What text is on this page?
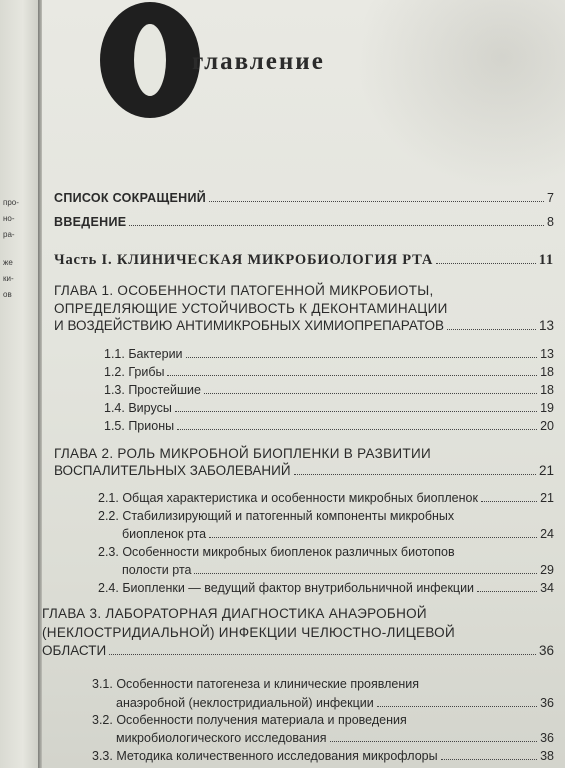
про-
но-
ра-
же
ки-
ов
главление
СПИСОК СОКРАЩЕНИЙ	7
ВВЕДЕНИЕ	8
Часть I. КЛИНИЧЕСКАЯ МИКРОБИОЛОГИЯ РТА	11
ГЛАВА 1. ОСОБЕННОСТИ ПАТОГЕННОЙ МИКРОБИОТЫ,
ОПРЕДЕЛЯЮЩИЕ УСТОЙЧИВОСТЬ К ДЕКОНТАМИНАЦИИ
И ВОЗДЕЙСТВИЮ АНТИМИКРОБНЫХ ХИМИОПРЕПАРАТОВ	13
1.1. Бактерии	13
1.2. Грибы	18
1.3. Простейшие	18
1.4. Вирусы	19
1.5. Прионы	20
ГЛАВА 2. РОЛЬ МИКРОБНОЙ БИОПЛЕНКИ В РАЗВИТИИ
ВОСПАЛИТЕЛЬНЫХ ЗАБОЛЕВАНИЙ	21
2.1. Общая характеристика и особенности микробных биопленок	21
2.2. Стабилизирующий и патогенный компоненты микробных
биопленок рта	24
2.3. Особенности микробных биопленок различных биотопов
полости рта	29
2.4. Биопленки — ведущий фактор внутрибольничной инфекции	34
ГЛАВА 3. ЛАБОРАТОРНАЯ ДИАГНОСТИКА АНАЭРОБНОЙ
(НЕКЛОСТРИДИАЛЬНОЙ) ИНФЕКЦИИ ЧЕЛЮСТНО-ЛИЦЕВОЙ
ОБЛАСТИ	36
3.1. Особенности патогенеза и клинические проявления
анаэробной (неклостридиальной) инфекции	36
3.2. Особенности получения материала и проведения
микробиологического исследования	36
3.3. Методика количественного исследования микрофлоры	38
